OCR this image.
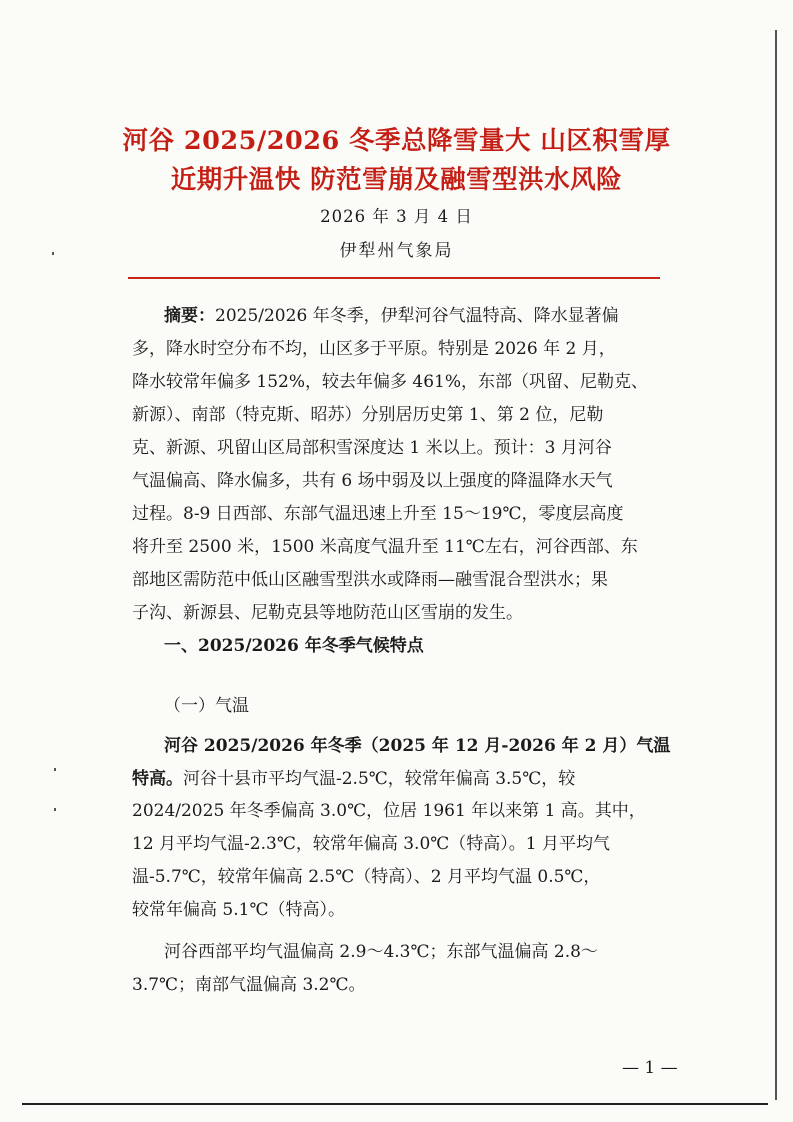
河谷 2025/2026 冬季总降雪量大 山区积雪厚
近期升温快 防范雪崩及融雪型洪水风险
2026 年 3 月 4 日
伊犁州气象局
摘要：2025/2026 年冬季，伊犁河谷气温特高、降水显著偏
多，降水时空分布不均，山区多于平原。特别是 2026 年 2 月，
降水较常年偏多 152%，较去年偏多 461%，东部（巩留、尼勒克、
新源）、南部（特克斯、昭苏）分别居历史第 1、第 2 位，尼勒
克、新源、巩留山区局部积雪深度达 1 米以上。预计：3 月河谷
气温偏高、降水偏多，共有 6 场中弱及以上强度的降温降水天气
过程。8-9 日西部、东部气温迅速上升至 15～19℃，零度层高度
将升至 2500 米，1500 米高度气温升至 11℃左右，河谷西部、东
部地区需防范中低山区融雪型洪水或降雨—融雪混合型洪水；果
子沟、新源县、尼勒克县等地防范山区雪崩的发生。
一、2025/2026 年冬季气候特点
（一）气温
河谷 2025/2026 年冬季（2025 年 12 月-2026 年 2 月）气温
特高。河谷十县市平均气温-2.5℃，较常年偏高 3.5℃，较
2024/2025 年冬季偏高 3.0℃，位居 1961 年以来第 1 高。其中，
12 月平均气温-2.3℃，较常年偏高 3.0℃（特高）。1 月平均气
温-5.7℃，较常年偏高 2.5℃（特高）、2 月平均气温 0.5℃，
较常年偏高 5.1℃（特高）。
河谷西部平均气温偏高 2.9～4.3℃；东部气温偏高 2.8～
3.7℃；南部气温偏高 3.2℃。
— 1 —
